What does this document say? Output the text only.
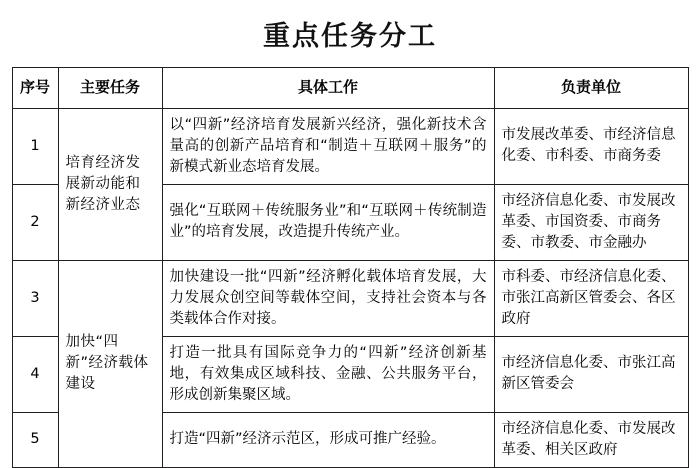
重点任务分工
序号	主要任务	具体工作	负责单位
1	培育经济发展新动能和新经济业态	以“四新”经济培育发展新兴经济，强化新技术含量高的创新产品培育和“制造＋互联网＋服务”的新模式新业态培育发展。	市发展改革委、市经济信息化委、市科委、市商务委
2		强化“互联网＋传统服务业”和“互联网＋传统制造业”的培育发展，改造提升传统产业。	市经济信息化委、市发展改革委、市国资委、市商务委、市教委、市金融办
3	加快“四新”经济载体建设	加快建设一批“四新”经济孵化载体培育发展，大力发展众创空间等载体空间，支持社会资本与各类载体合作对接。	市科委、市经济信息化委、市张江高新区管委会、各区政府
4		打造一批具有国际竞争力的“四新”经济创新基地，有效集成区域科技、金融、公共服务平台，形成创新集聚区域。	市经济信息化委、市张江高新区管委会
5		打造“四新”经济示范区，形成可推广经验。	市经济信息化委、市发展改革委、相关区政府
